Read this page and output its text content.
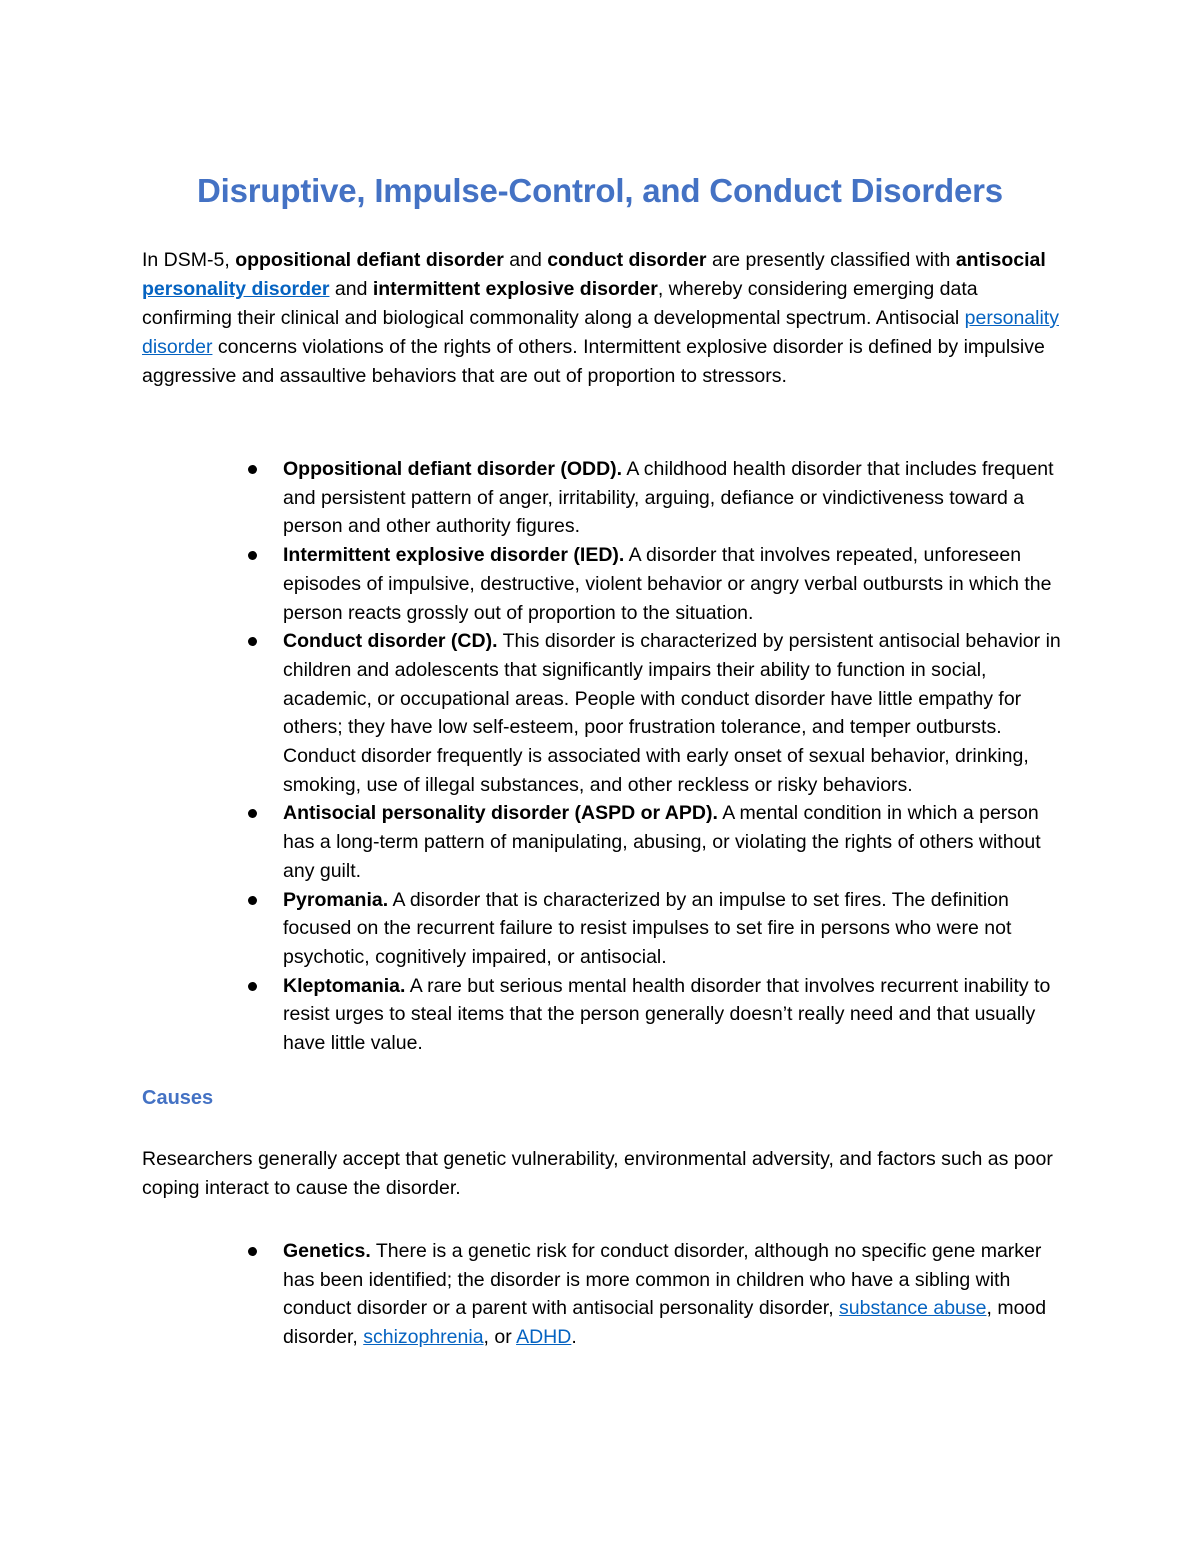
Disruptive, Impulse-Control, and Conduct Disorders

In DSM-5, oppositional defiant disorder and conduct disorder are presently classified with antisocial personality disorder and intermittent explosive disorder, whereby considering emerging data confirming their clinical and biological commonality along a developmental spectrum. Antisocial personality disorder concerns violations of the rights of others. Intermittent explosive disorder is defined by impulsive aggressive and assaultive behaviors that are out of proportion to stressors.

Oppositional defiant disorder (ODD). A childhood health disorder that includes frequent and persistent pattern of anger, irritability, arguing, defiance or vindictiveness toward a person and other authority figures.
Intermittent explosive disorder (IED). A disorder that involves repeated, unforeseen episodes of impulsive, destructive, violent behavior or angry verbal outbursts in which the person reacts grossly out of proportion to the situation.
Conduct disorder (CD). This disorder is characterized by persistent antisocial behavior in children and adolescents that significantly impairs their ability to function in social, academic, or occupational areas. People with conduct disorder have little empathy for others; they have low self-esteem, poor frustration tolerance, and temper outbursts. Conduct disorder frequently is associated with early onset of sexual behavior, drinking, smoking, use of illegal substances, and other reckless or risky behaviors.
Antisocial personality disorder (ASPD or APD). A mental condition in which a person has a long-term pattern of manipulating, abusing, or violating the rights of others without any guilt.
Pyromania. A disorder that is characterized by an impulse to set fires. The definition focused on the recurrent failure to resist impulses to set fire in persons who were not psychotic, cognitively impaired, or antisocial.
Kleptomania. A rare but serious mental health disorder that involves recurrent inability to resist urges to steal items that the person generally doesn’t really need and that usually have little value.
Causes

Researchers generally accept that genetic vulnerability, environmental adversity, and factors such as poor coping interact to cause the disorder.

Genetics. There is a genetic risk for conduct disorder, although no specific gene marker has been identified; the disorder is more common in children who have a sibling with conduct disorder or a parent with antisocial personality disorder, substance abuse, mood disorder, schizophrenia, or ADHD.
